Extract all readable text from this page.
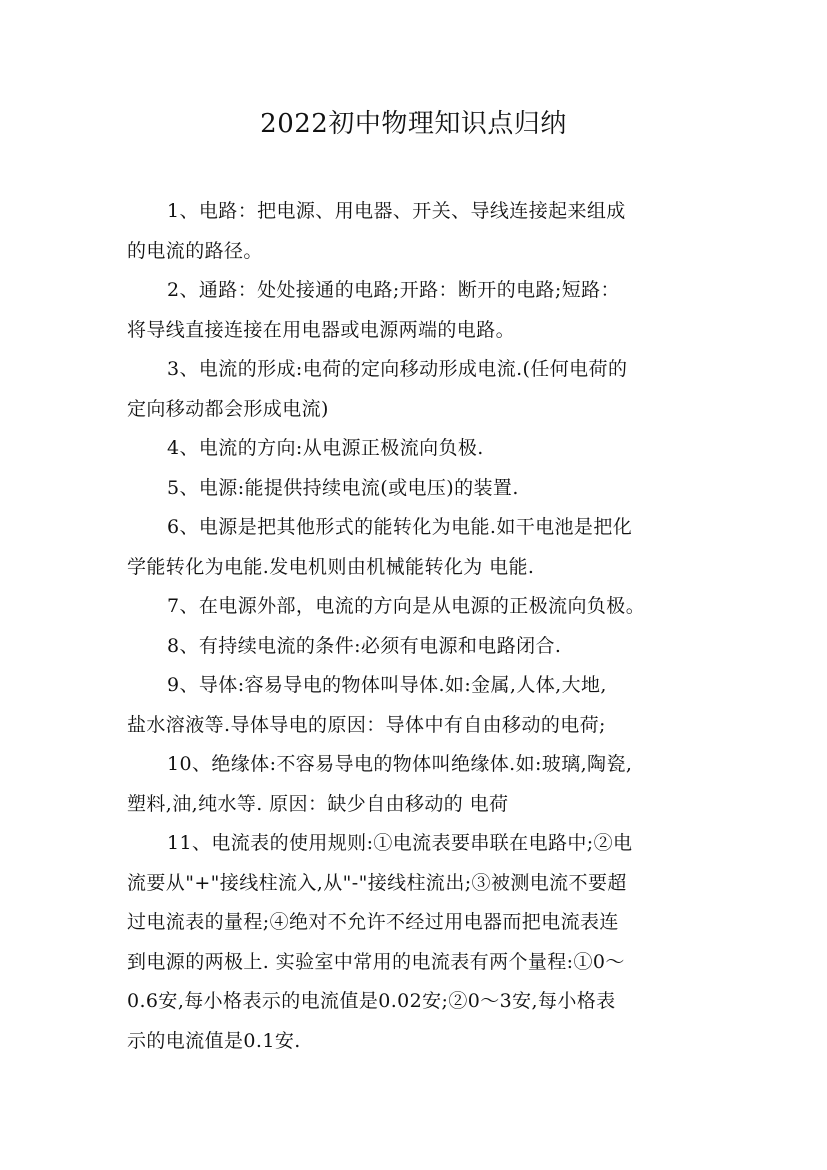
2022初中物理知识点归纳

1、电路：把电源、用电器、开关、导线连接起来组成
的电流的路径。

2、通路：处处接通的电路;开路：断开的电路;短路：
将导线直接连接在用电器或电源两端的电路。

3、电流的形成:电荷的定向移动形成电流.(任何电荷的
定向移动都会形成电流)

4、电流的方向:从电源正极流向负极.

5、电源:能提供持续电流(或电压)的装置.

6、电源是把其他形式的能转化为电能.如干电池是把化
学能转化为电能.发电机则由机械能转化为 电能.

7、在电源外部，电流的方向是从电源的正极流向负极。

8、有持续电流的条件:必须有电源和电路闭合.

9、导体:容易导电的物体叫导体.如:金属,人体,大地,
盐水溶液等.导体导电的原因：导体中有自由移动的电荷;

10、绝缘体:不容易导电的物体叫绝缘体.如:玻璃,陶瓷,
塑料,油,纯水等. 原因：缺少自由移动的 电荷

11、电流表的使用规则:①电流表要串联在电路中;②电
流要从"+"接线柱流入,从"-"接线柱流出;③被测电流不要超
过电流表的量程;④绝对不允许不经过用电器而把电流表连
到电源的两极上. 实验室中常用的电流表有两个量程:①0～
0.6安,每小格表示的电流值是0.02安;②0～3安,每小格表
示的电流值是0.1安.
